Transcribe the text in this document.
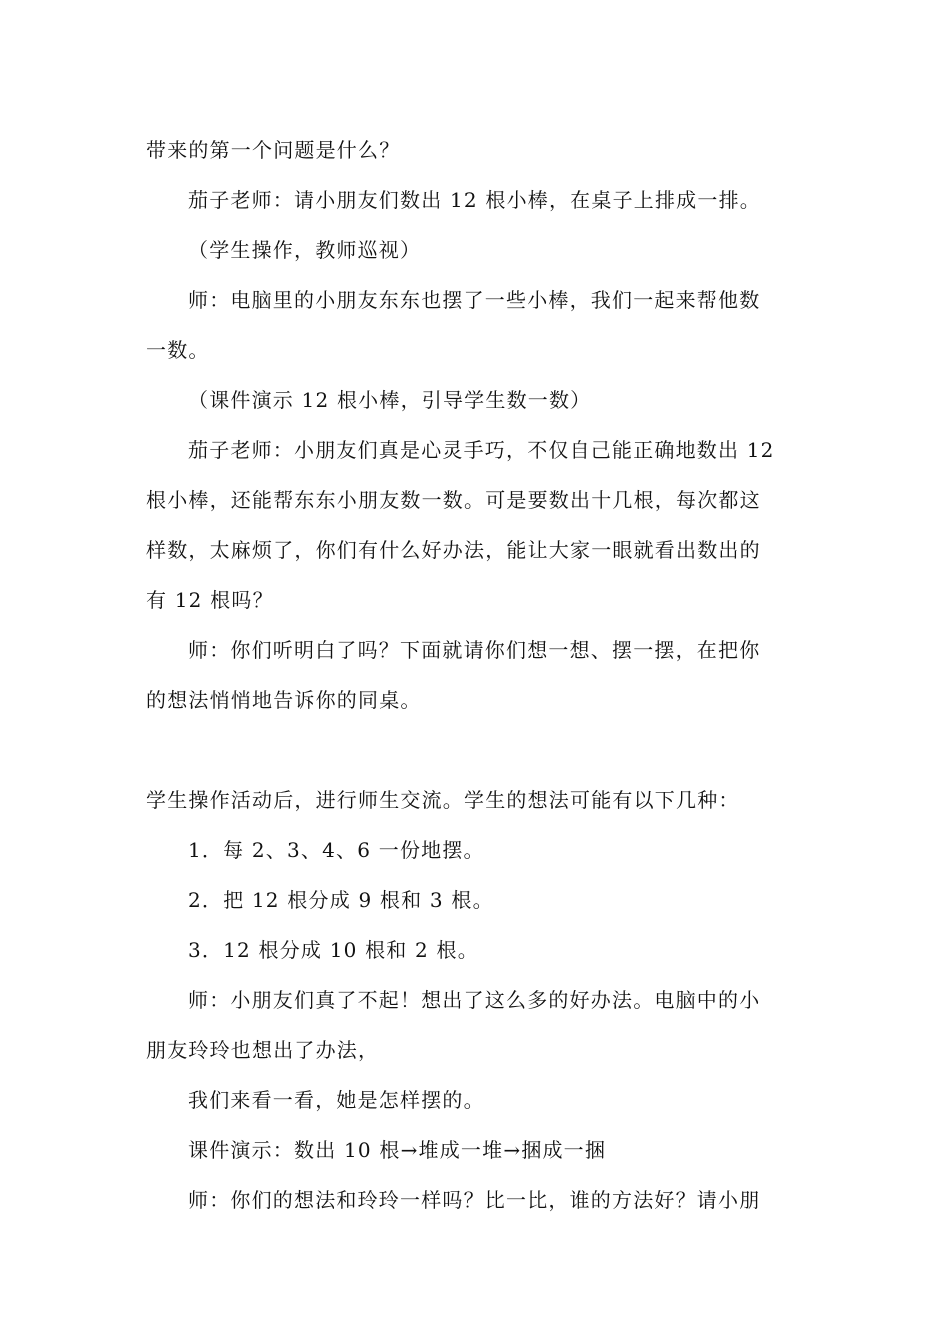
带来的第一个问题是什么？

茄子老师：请小朋友们数出 12 根小棒，在桌子上排成一排。

（学生操作，教师巡视）

师：电脑里的小朋友东东也摆了一些小棒，我们一起来帮他数

一数。

（课件演示 12 根小棒，引导学生数一数）

茄子老师：小朋友们真是心灵手巧，不仅自己能正确地数出 12

根小棒，还能帮东东小朋友数一数。可是要数出十几根，每次都这

样数，太麻烦了，你们有什么好办法，能让大家一眼就看出数出的

有 12 根吗？

师：你们听明白了吗？下面就请你们想一想、摆一摆，在把你

的想法悄悄地告诉你的同桌。

学生操作活动后，进行师生交流。学生的想法可能有以下几种：

1．每 2、3、4、6 一份地摆。

2．把 12 根分成 9 根和 3 根。

3．12 根分成 10 根和 2 根。

师：小朋友们真了不起！想出了这么多的好办法。电脑中的小

朋友玲玲也想出了办法，

我们来看一看，她是怎样摆的。

课件演示：数出 10 根→堆成一堆→捆成一捆

师：你们的想法和玲玲一样吗？比一比，谁的方法好？请小朋
